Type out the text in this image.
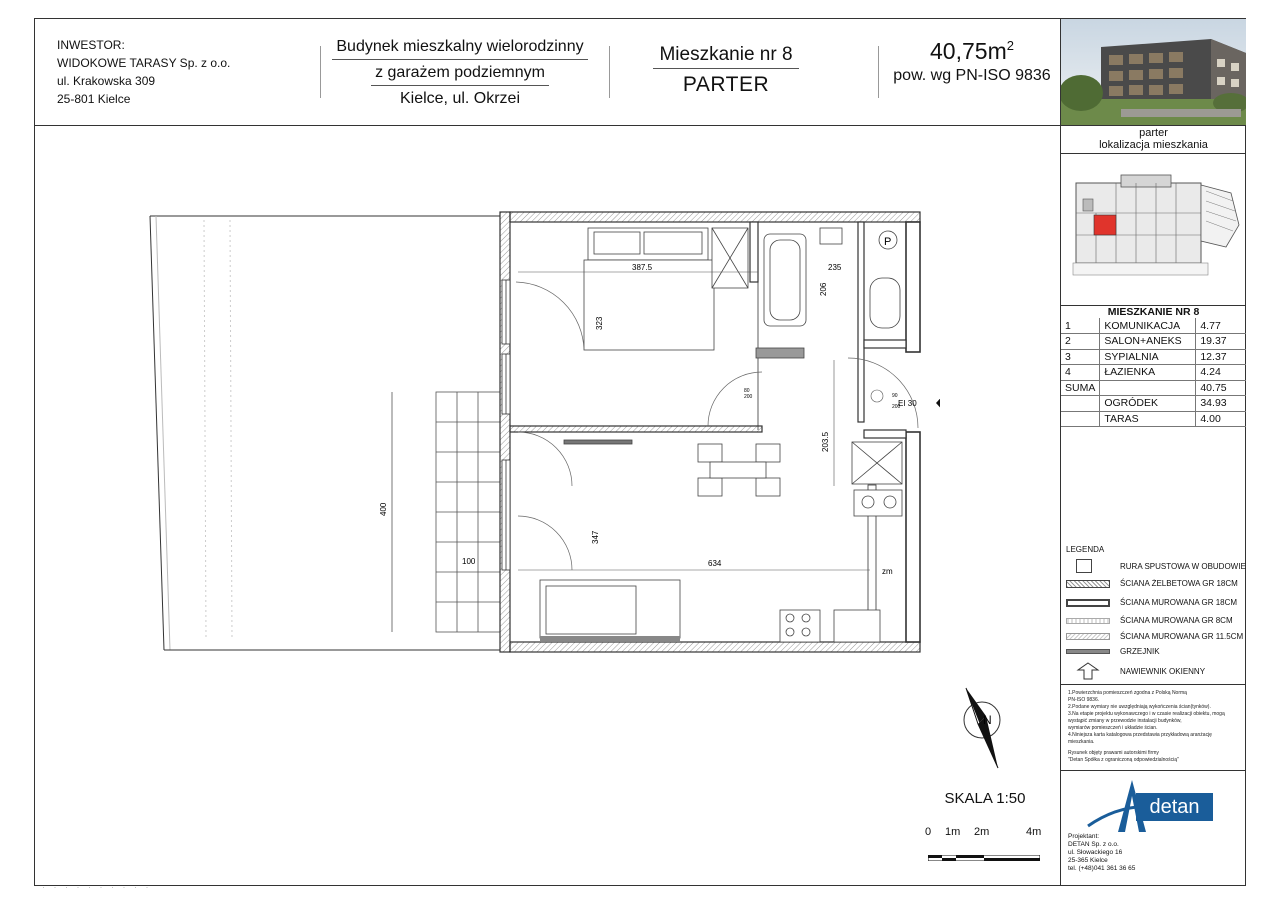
INWESTOR:
WIDOKOWE TARASY Sp. z o.o.
ul. Krakowska 309
25-801 Kielce
Budynek mieszkalny wielorodzinny
z garażem podziemnym
Kielce, ul. Okrzei
Mieszkanie nr 8
PARTER
$40,75m^2$
pow. wg PN-ISO 9836
parter
lokalizacja mieszkania
MIESZKANIE NR 8
1	KOMUNIKACJA	4.77
2	SALON+ANEKS	19.37
3	SYPIALNIA	12.37
4	ŁAZIENKA	4.24
SUMA		40.75
	OGRÓDEK	34.93
	TARAS	4.00
LEGENDA
RURA SPUSTOWA W OBUDOWIE
ŚCIANA ŻELBETOWA GR 18CM
ŚCIANA MUROWANA GR 18CM
ŚCIANA MUROWANA GR 8CM
ŚCIANA MUROWANA GR 11.5CM
GRZEJNIK
NAWIEWNIK OKIENNY
1.Powierzchnia pomieszczeń zgodna z Polską Normą
PN-ISO 9836.
2.Podane wymiary nie uwzględniają wykończenia ścian(tynków).
3.Na etapie projektu wykonawczego i w czasie realizacji obiektu, mogą
wystąpić zmiany w przewodzie instalacji budynków,
wymiarów pomieszczeń i układzie ścian.
4.Niniejsza karta katalogowa przedstawia przykładową aranżację
mieszkania.
Rysunek objęty prawami autorskimi firmy
"Detan Spółka z ograniczoną odpowiedzialnością"
detan
Projektant:
DETAN Sp. z o.o.
ul. Słowackiego 16
25-365 Kielce
tel. (+48)041 361 36 65
N
SKALA 1:50
0 1m 2m	4m
400
100
387.5	235
323
206
P
80
200	90
200
EI 30
634
347
203.5
zm
· · · · · · · · · ·
